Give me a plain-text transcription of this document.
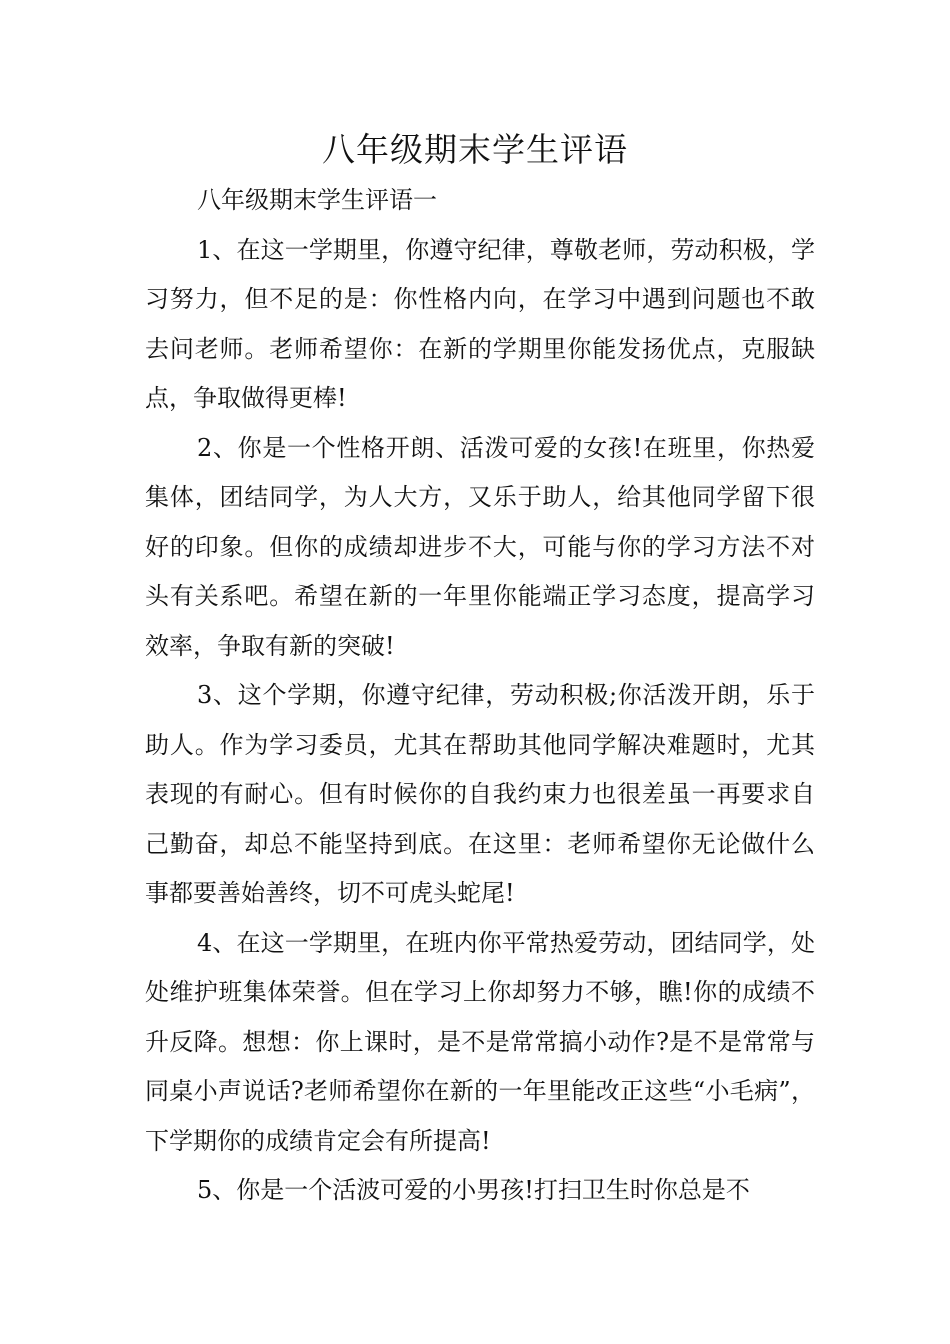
八年级期末学生评语

八年级期末学生评语一

1、在这一学期里，你遵守纪律，尊敬老师，劳动积极，学习努力，但不足的是：你性格内向，在学习中遇到问题也不敢去问老师。老师希望你：在新的学期里你能发扬优点，克服缺点，争取做得更棒!

2、你是一个性格开朗、活泼可爱的女孩!在班里，你热爱集体，团结同学，为人大方，又乐于助人，给其他同学留下很好的印象。但你的成绩却进步不大，可能与你的学习方法不对头有关系吧。希望在新的一年里你能端正学习态度，提高学习效率，争取有新的突破!

3、这个学期，你遵守纪律，劳动积极;你活泼开朗，乐于助人。作为学习委员，尤其在帮助其他同学解决难题时，尤其表现的有耐心。但有时候你的自我约束力也很差虽一再要求自己勤奋，却总不能坚持到底。在这里：老师希望你无论做什么事都要善始善终，切不可虎头蛇尾!

4、在这一学期里，在班内你平常热爱劳动，团结同学，处处维护班集体荣誉。但在学习上你却努力不够，瞧!你的成绩不升反降。想想：你上课时，是不是常常搞小动作?是不是常常与同桌小声说话?老师希望你在新的一年里能改正这些“小毛病”，下学期你的成绩肯定会有所提高!

5、你是一个活波可爱的小男孩!打扫卫生时你总是不
